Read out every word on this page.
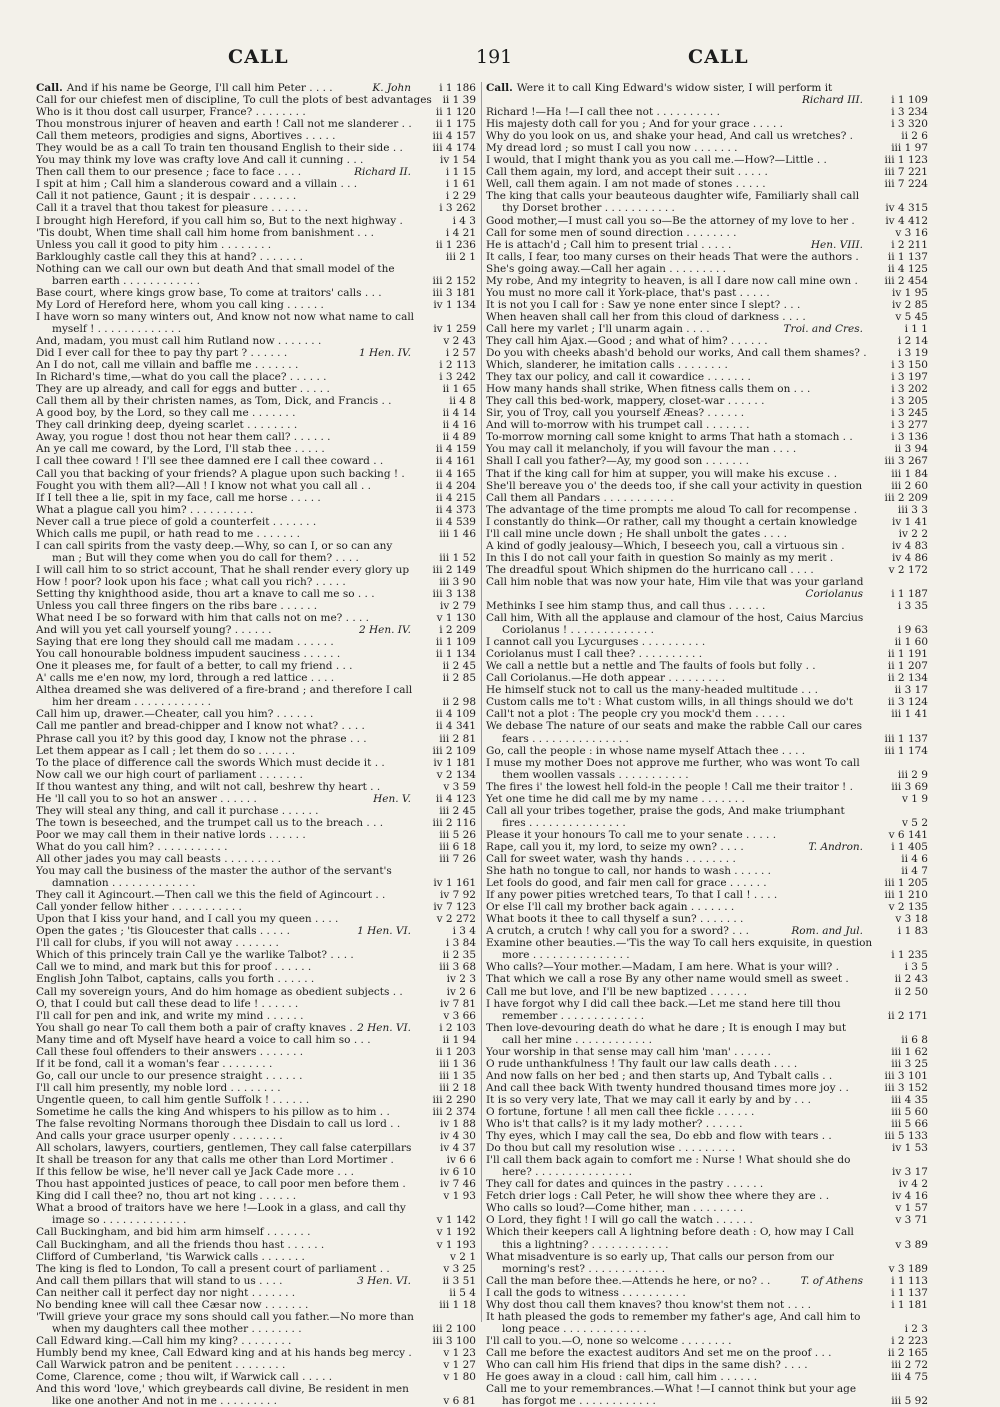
CALL	191	CALL
Call. And if his name be George, I'll call him Peter . . . .	K. John	i 1 186
Call for our chiefest men of discipline, To cull the plots of best advantages	ii 1 39
Who is it thou dost call usurper, France? . . . . . . . .	ii 1 120
Thou monstrous injurer of heaven and earth ! Call not me slanderer . .	ii 1 175
Call them meteors, prodigies and signs, Abortives . . . . .	iii 4 157
They would be as a call To train ten thousand English to their side . .	iii 4 174
You may think my love was crafty love And call it cunning . . .	iv 1 54
Then call them to our presence ; face to face . . . .	Richard II.	i 1 15
I spit at him ; Call him a slanderous coward and a villain . . .	i 1 61
Call it not patience, Gaunt ; it is despair . . . . . . .	i 2 29
Call it a travel that thou takest for pleasure . . . . . .	i 3 262
I brought high Hereford, if you call him so, But to the next highway .	i 4 3
'Tis doubt, When time shall call him home from banishment . . .	i 4 21
Unless you call it good to pity him . . . . . . . .	ii 1 236
Barkloughly castle call they this at hand? . . . . . . .	iii 2 1
Nothing can we call our own but death And that small model of the
barren earth . . . . . . . . . . . .	iii 2 152
Base court, where kings grow base, To come at traitors' calls . . .	iii 3 181
My Lord of Hereford here, whom you call king . . . . . .	iv 1 134
I have worn so many winters out, And know not now what name to call
myself ! . . . . . . . . . . . . .	iv 1 259
And, madam, you must call him Rutland now . . . . . . .	v 2 43
Did I ever call for thee to pay thy part ? . . . . . .	1 Hen. IV.	i 2 57
An I do not, call me villain and baffle me . . . . . . .	i 2 113
In Richard's time,—what do you call the place? . . . . . .	i 3 242
They are up already, and call for eggs and butter . . . . .	ii 1 65
Call them all by their christen names, as Tom, Dick, and Francis . .	ii 4 8
A good boy, by the Lord, so they call me . . . . . . .	ii 4 14
They call drinking deep, dyeing scarlet . . . . . . . .	ii 4 16
Away, you rogue ! dost thou not hear them call? . . . . . .	ii 4 89
An ye call me coward, by the Lord, I'll stab thee . . . . .	ii 4 159
I call thee coward ! I'll see thee damned ere I call thee coward . .	ii 4 161
Call you that backing of your friends? A plague upon such backing ! .	ii 4 165
Fought you with them all?—All ! I know not what you call all . .	ii 4 204
If I tell thee a lie, spit in my face, call me horse . . . . .	ii 4 215
What a plague call you him? . . . . . . . . . .	ii 4 373
Never call a true piece of gold a counterfeit . . . . . . .	ii 4 539
Which calls me pupil, or hath read to me . . . . . . .	iii 1 46
I can call spirits from the vasty deep.—Why, so can I, or so can any
man ; But will they come when you do call for them? . . . .	iii 1 52
I will call him to so strict account, That he shall render every glory up	iii 2 149
How ! poor? look upon his face ; what call you rich? . . . . .	iii 3 90
Setting thy knighthood aside, thou art a knave to call me so . . .	iii 3 138
Unless you call three fingers on the ribs bare . . . . . .	iv 2 79
What need I be so forward with him that calls not on me? . . . .	v 1 130
And will you yet call yourself young? . . . . . .	2 Hen. IV.	i 2 209
Saying that ere long they should call me madam . . . . . .	ii 1 109
You call honourable boldness impudent sauciness . . . . . .	ii 1 134
One it pleases me, for fault of a better, to call my friend . . .	ii 2 45
A' calls me e'en now, my lord, through a red lattice . . . .	ii 2 85
Althea dreamed she was delivered of a fire-brand ; and therefore I call
him her dream . . . . . . . . . . . .	ii 2 98
Call him up, drawer.—Cheater, call you him? . . . . . .	ii 4 109
Call me pantler and bread-chipper and I know not what? . . . .	ii 4 341
Phrase call you it? by this good day, I know not the phrase . . .	iii 2 81
Let them appear as I call ; let them do so . . . . . .	iii 2 109
To the place of difference call the swords Which must decide it . .	iv 1 181
Now call we our high court of parliament . . . . . . .	v 2 134
If thou wantest any thing, and wilt not call, beshrew thy heart . .	v 3 59
He 'll call you to so hot an answer . . . . . .	Hen. V.	ii 4 123
They will steal any thing, and call it purchase . . . . . .	iii 2 45
The town is beseeched, and the trumpet call us to the breach . . .	iii 2 116
Poor we may call them in their native lords . . . . . .	iii 5 26
What do you call him? . . . . . . . . . . .	iii 6 18
All other jades you may call beasts . . . . . . . . .	iii 7 26
You may call the business of the master the author of the servant's
damnation . . . . . . . . . . . . .	iv 1 161
They call it Agincourt.—Then call we this the field of Agincourt . .	iv 7 92
Call yonder fellow hither . . . . . . . . . . .	iv 7 123
Upon that I kiss your hand, and I call you my queen . . . .	v 2 272
Open the gates ; 'tis Gloucester that calls . . . . .	1 Hen. VI.	i 3 4
I'll call for clubs, if you will not away . . . . . . .	i 3 84
Which of this princely train Call ye the warlike Talbot? . . . .	ii 2 35
Call we to mind, and mark but this for proof . . . . . .	iii 3 68
English John Talbot, captains, calls you forth . . . . . .	iv 2 3
Call my sovereign yours, And do him homage as obedient subjects . .	iv 2 6
O, that I could but call these dead to life ! . . . . . .	iv 7 81
I'll call for pen and ink, and write my mind . . . . . .	v 3 66
You shall go near To call them both a pair of crafty knaves . 2 Hen. VI.	i 2 103
Many time and oft Myself have heard a voice to call him so . . .	ii 1 94
Call these foul offenders to their answers . . . . . . .	ii 1 203
If it be fond, call it a woman's fear . . . . . . . .	iii 1 36
Go, call our uncle to our presence straight . . . . . .	iii 1 35
I'll call him presently, my noble lord . . . . . . . .	iii 2 18
Ungentle queen, to call him gentle Suffolk ! . . . . . .	iii 2 290
Sometime he calls the king And whispers to his pillow as to him . .	iii 2 374
The false revolting Normans thorough thee Disdain to call us lord . .	iv 1 88
And calls your grace usurper openly . . . . . . . .	iv 4 30
All scholars, lawyers, courtiers, gentlemen, They call false caterpillars	iv 4 37
It shall be treason for any that calls me other than Lord Mortimer .	iv 6 6
If this fellow be wise, he'll never call ye Jack Cade more . . .	iv 6 10
Thou hast appointed justices of peace, to call poor men before them .	iv 7 46
King did I call thee? no, thou art not king . . . . . .	v 1 93
What a brood of traitors have we here !—Look in a glass, and call thy
image so . . . . . . . . . . . . .	v 1 142
Call Buckingham, and bid him arm himself . . . . . . .	v 1 192
Call Buckingham, and all the friends thou hast . . . . . .	v 1 193
Clifford of Cumberland, 'tis Warwick calls . . . . . . .	v 2 1
The king is fled to London, To call a present court of parliament . .	v 3 25
And call them pillars that will stand to us . . . .	3 Hen. VI.	ii 3 51
Can neither call it perfect day nor night . . . . . . .	ii 5 4
No bending knee will call thee Cæsar now . . . . . . .	iii 1 18
'Twill grieve your grace my sons should call you father.—No more than
when my daughters call thee mother . . . . . . . .	iii 2 100
Call Edward king.—Call him my king? . . . . . . . .	iii 3 100
Humbly bend my knee, Call Edward king and at his hands beg mercy .	v 1 23
Call Warwick patron and be penitent . . . . . . . .	v 1 27
Come, Clarence, come ; thou wilt, if Warwick call . . . . .	v 1 80
And this word 'love,' which greybeards call divine, Be resident in men
like one another And not in me . . . . . . . . .	v 6 81
Call. Were it to call King Edward's widow sister, I will perform it
Richard III.	i 1 109
Richard !—Ha !—I call thee not . . . . . . . . . .	i 3 234
His majesty doth call for you ; And for your grace . . . . .	i 3 320
Why do you look on us, and shake your head, And call us wretches? .	ii 2 6
My dread lord ; so must I call you now . . . . . . .	iii 1 97
I would, that I might thank you as you call me.—How?—Little . .	iii 1 123
Call them again, my lord, and accept their suit . . . . .	iii 7 221
Well, call them again. I am not made of stones . . . . .	iii 7 224
The king that calls your beauteous daughter wife, Familiarly shall call
thy Dorset brother . . . . . . . . . . .	iv 4 315
Good mother,—I must call you so—Be the attorney of my love to her .	iv 4 412
Call for some men of sound direction . . . . . . . .	v 3 16
He is attach'd ; Call him to present trial . . . . .	Hen. VIII.	i 2 211
It calls, I fear, too many curses on their heads That were the authors .	ii 1 137
She's going away.—Call her again . . . . . . . . .	ii 4 125
My robe, And my integrity to heaven, is all I dare now call mine own .	iii 2 454
You must no more call it York-place, that's past . . . . .	iv 1 95
It is not you I call for : Saw ye none enter since I slept? . . .	iv 2 85
When heaven shall call her from this cloud of darkness . . . .	v 5 45
Call here my varlet ; I'll unarm again . . . .	Troi. and Cres.	i 1 1
They call him Ajax.—Good ; and what of him? . . . . . .	i 2 14
Do you with cheeks abash'd behold our works, And call them shames? .	i 3 19
Which, slanderer, he imitation calls . . . . . . . .	i 3 150
They tax our policy, and call it cowardice . . . . . . .	i 3 197
How many hands shall strike, When fitness calls them on . . .	i 3 202
They call this bed-work, mappery, closet-war . . . . . .	i 3 205
Sir, you of Troy, call you yourself Æneas? . . . . . .	i 3 245
And will to-morrow with his trumpet call . . . . . . .	i 3 277
To-morrow morning call some knight to arms That hath a stomach . .	i 3 136
You may call it melancholy, if you will favour the man . . . .	ii 3 94
Shall I call you father?—Ay, my good son . . . . . . .	iii 3 267
That if the king call for him at supper, you will make his excuse . .	iii 1 84
She'll bereave you o' the deeds too, if she call your activity in question	iii 2 60
Call them all Pandars . . . . . . . . . . .	iii 2 209
The advantage of the time prompts me aloud To call for recompense .	iii 3 3
I constantly do think—Or rather, call my thought a certain knowledge	iv 1 41
I'll call mine uncle down ; He shall unbolt the gates . . . .	iv 2 2
A kind of godly jealousy—Which, I beseech you, call a virtuous sin .	iv 4 83
In this I do not call your faith in question So mainly as my merit .	iv 4 86
The dreadful spout Which shipmen do the hurricano call . . . .	v 2 172
Call him noble that was now your hate, Him vile that was your garland
Coriolanus	i 1 187
Methinks I see him stamp thus, and call thus . . . . . .	i 3 35
Call him, With all the applause and clamour of the host, Caius Marcius
Coriolanus ! . . . . . . . . . . . . .	i 9 63
I cannot call you Lycurguses . . . . . . . . . .	ii 1 60
Coriolanus must I call thee? . . . . . . . . . .	ii 1 191
We call a nettle but a nettle and The faults of fools but folly . .	ii 1 207
Call Coriolanus.—He doth appear . . . . . . . . .	ii 2 134
He himself stuck not to call us the many-headed multitude . . .	ii 3 17
Custom calls me to't : What custom wills, in all things should we do't	ii 3 124
Call't not a plot : The people cry you mock'd them . . . . .	iii 1 41
We debase The nature of our seats and make the rabble Call our cares
fears . . . . . . . . . . . . . . .	iii 1 137
Go, call the people : in whose name myself Attach thee . . . .	iii 1 174
I muse my mother Does not approve me further, who was wont To call
them woollen vassals . . . . . . . . . . .	iii 2 9
The fires i' the lowest hell fold-in the people ! Call me their traitor ! .	iii 3 69
Yet one time he did call me by my name . . . . . . .	v 1 9
Call all your tribes together, praise the gods, And make triumphant
fires . . . . . . . . . . . . . . .	v 5 2
Please it your honours To call me to your senate . . . . .	v 6 141
Rape, call you it, my lord, to seize my own? . . . .	T. Andron.	i 1 405
Call for sweet water, wash thy hands . . . . . . . .	ii 4 6
She hath no tongue to call, nor hands to wash . . . . . .	ii 4 7
Let fools do good, and fair men call for grace . . . . . .	iii 1 205
If any power pities wretched tears, To that I call ! . . . .	iii 1 210
Or else I'll call my brother back again . . . . . . .	v 2 135
What boots it thee to call thyself a sun? . . . . . . .	v 3 18
A crutch, a crutch ! why call you for a sword? . . .	Rom. and Jul.	i 1 83
Examine other beauties.—'Tis the way To call hers exquisite, in question
more . . . . . . . . . . . . . . .	i 1 235
Who calls?—Your mother.—Madam, I am here. What is your will? .	i 3 5
That which we call a rose By any other name would smell as sweet .	ii 2 43
Call me but love, and I'll be new baptized . . . . . .	ii 2 50
I have forgot why I did call thee back.—Let me stand here till thou
remember . . . . . . . . . . . . .	ii 2 171
Then love-devouring death do what he dare ; It is enough I may but
call her mine . . . . . . . . . . . .	ii 6 8
Your worship in that sense may call him 'man' . . . . . .	iii 1 62
O rude unthankfulness ! Thy fault our law calls death . . . .	iii 3 25
And now falls on her bed ; and then starts up, And Tybalt calls . .	iii 3 101
And call thee back With twenty hundred thousand times more joy . .	iii 3 152
It is so very very late, That we may call it early by and by . . .	iii 4 35
O fortune, fortune ! all men call thee fickle . . . . . .	iii 5 60
Who is't that calls? is it my lady mother? . . . . . .	iii 5 66
Thy eyes, which I may call the sea, Do ebb and flow with tears . .	iii 5 133
Do thou but call my resolution wise . . . . . . . . .	iv 1 53
I'll call them back again to comfort me : Nurse ! What should she do
here? . . . . . . . . . . . . . . .	iv 3 17
They call for dates and quinces in the pastry . . . . . .	iv 4 2
Fetch drier logs : Call Peter, he will show thee where they are . .	iv 4 16
Who calls so loud?—Come hither, man . . . . . . . .	v 1 57
O Lord, they fight ! I will go call the watch . . . . . .	v 3 71
Which their keepers call A lightning before death : O, how may I Call
this a lightning? . . . . . . . . . . . .	v 3 89
What misadventure is so early up, That calls our person from our
morning's rest? . . . . . . . . . . . .	v 3 189
Call the man before thee.—Attends he here, or no? . .	T. of Athens	i 1 113
I call the gods to witness . . . . . . . . . .	i 1 137
Why dost thou call them knaves? thou know'st them not . . . .	i 1 181
It hath pleased the gods to remember my father's age, And call him to
long peace . . . . . . . . . . . . .	i 2 3
I'll call to you.—O, none so welcome . . . . . . . .	i 2 223
Call me before the exactest auditors And set me on the proof . . .	ii 2 165
Who can call him His friend that dips in the same dish? . . . .	iii 2 72
He goes away in a cloud : call him, call him . . . . . .	iii 4 75
Call me to your remembrances.—What !—I cannot think but your age
has forgot me . . . . . . . . . . . .	iii 5 92
